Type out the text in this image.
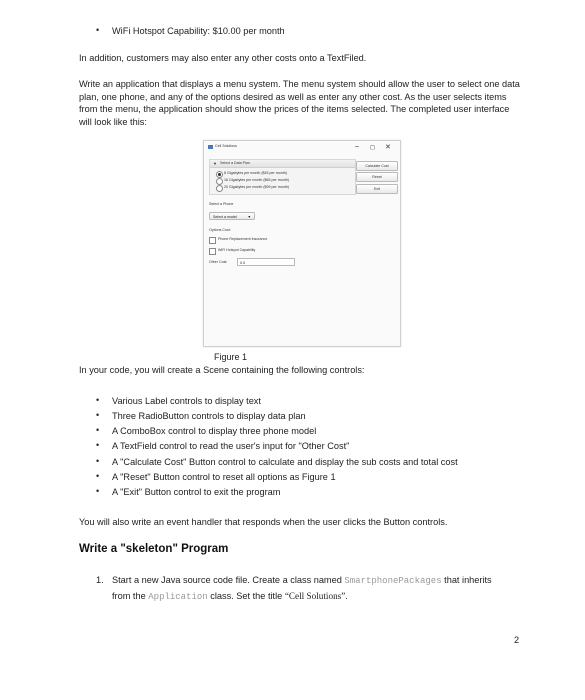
• WiFi Hotspot Capability: $10.00 per month
In addition, customers may also enter any other costs onto a TextFiled.
Write an application that displays a menu system. The menu system should allow the user to select one data plan, one phone, and any of the options desired as well as enter any other cost. As the user selects items from the menu, the application should show the prices of the items selected. The completed user interface will look like this:
Cell Solutions	– ◻ ✕
▼ Select a Data Plan
8 Gigabytes per month ($45 per month)
16 Gigabytes per month ($65 per month)
20 Gigabytes per month ($99 per month)
Calculate Cost
Reset
Exit
Select a Phone
Select a model	▼
Options Cost:
Phone Replacement Insurance
WiFi Hotspot Capability
Other Cost:	0.0
Figure 1
In your code, you will create a Scene containing the following controls:
• Various Label controls to display text
• Three RadioButton controls to display data plan
• A ComboBox control to display three phone model
• A TextField control to read the user's input for "Other Cost"
• A "Calculate Cost" Button control to calculate and display the sub costs and total cost
• A "Reset" Button control to reset all options as Figure 1
• A "Exit" Button control to exit the program
You will also write an event handler that responds when the user clicks the Button controls.
Write a "skeleton" Program
1. Start a new Java source code file. Create a class named SmartphonePackages that inherits
from the Application class. Set the title “Cell Solutions”.
2
